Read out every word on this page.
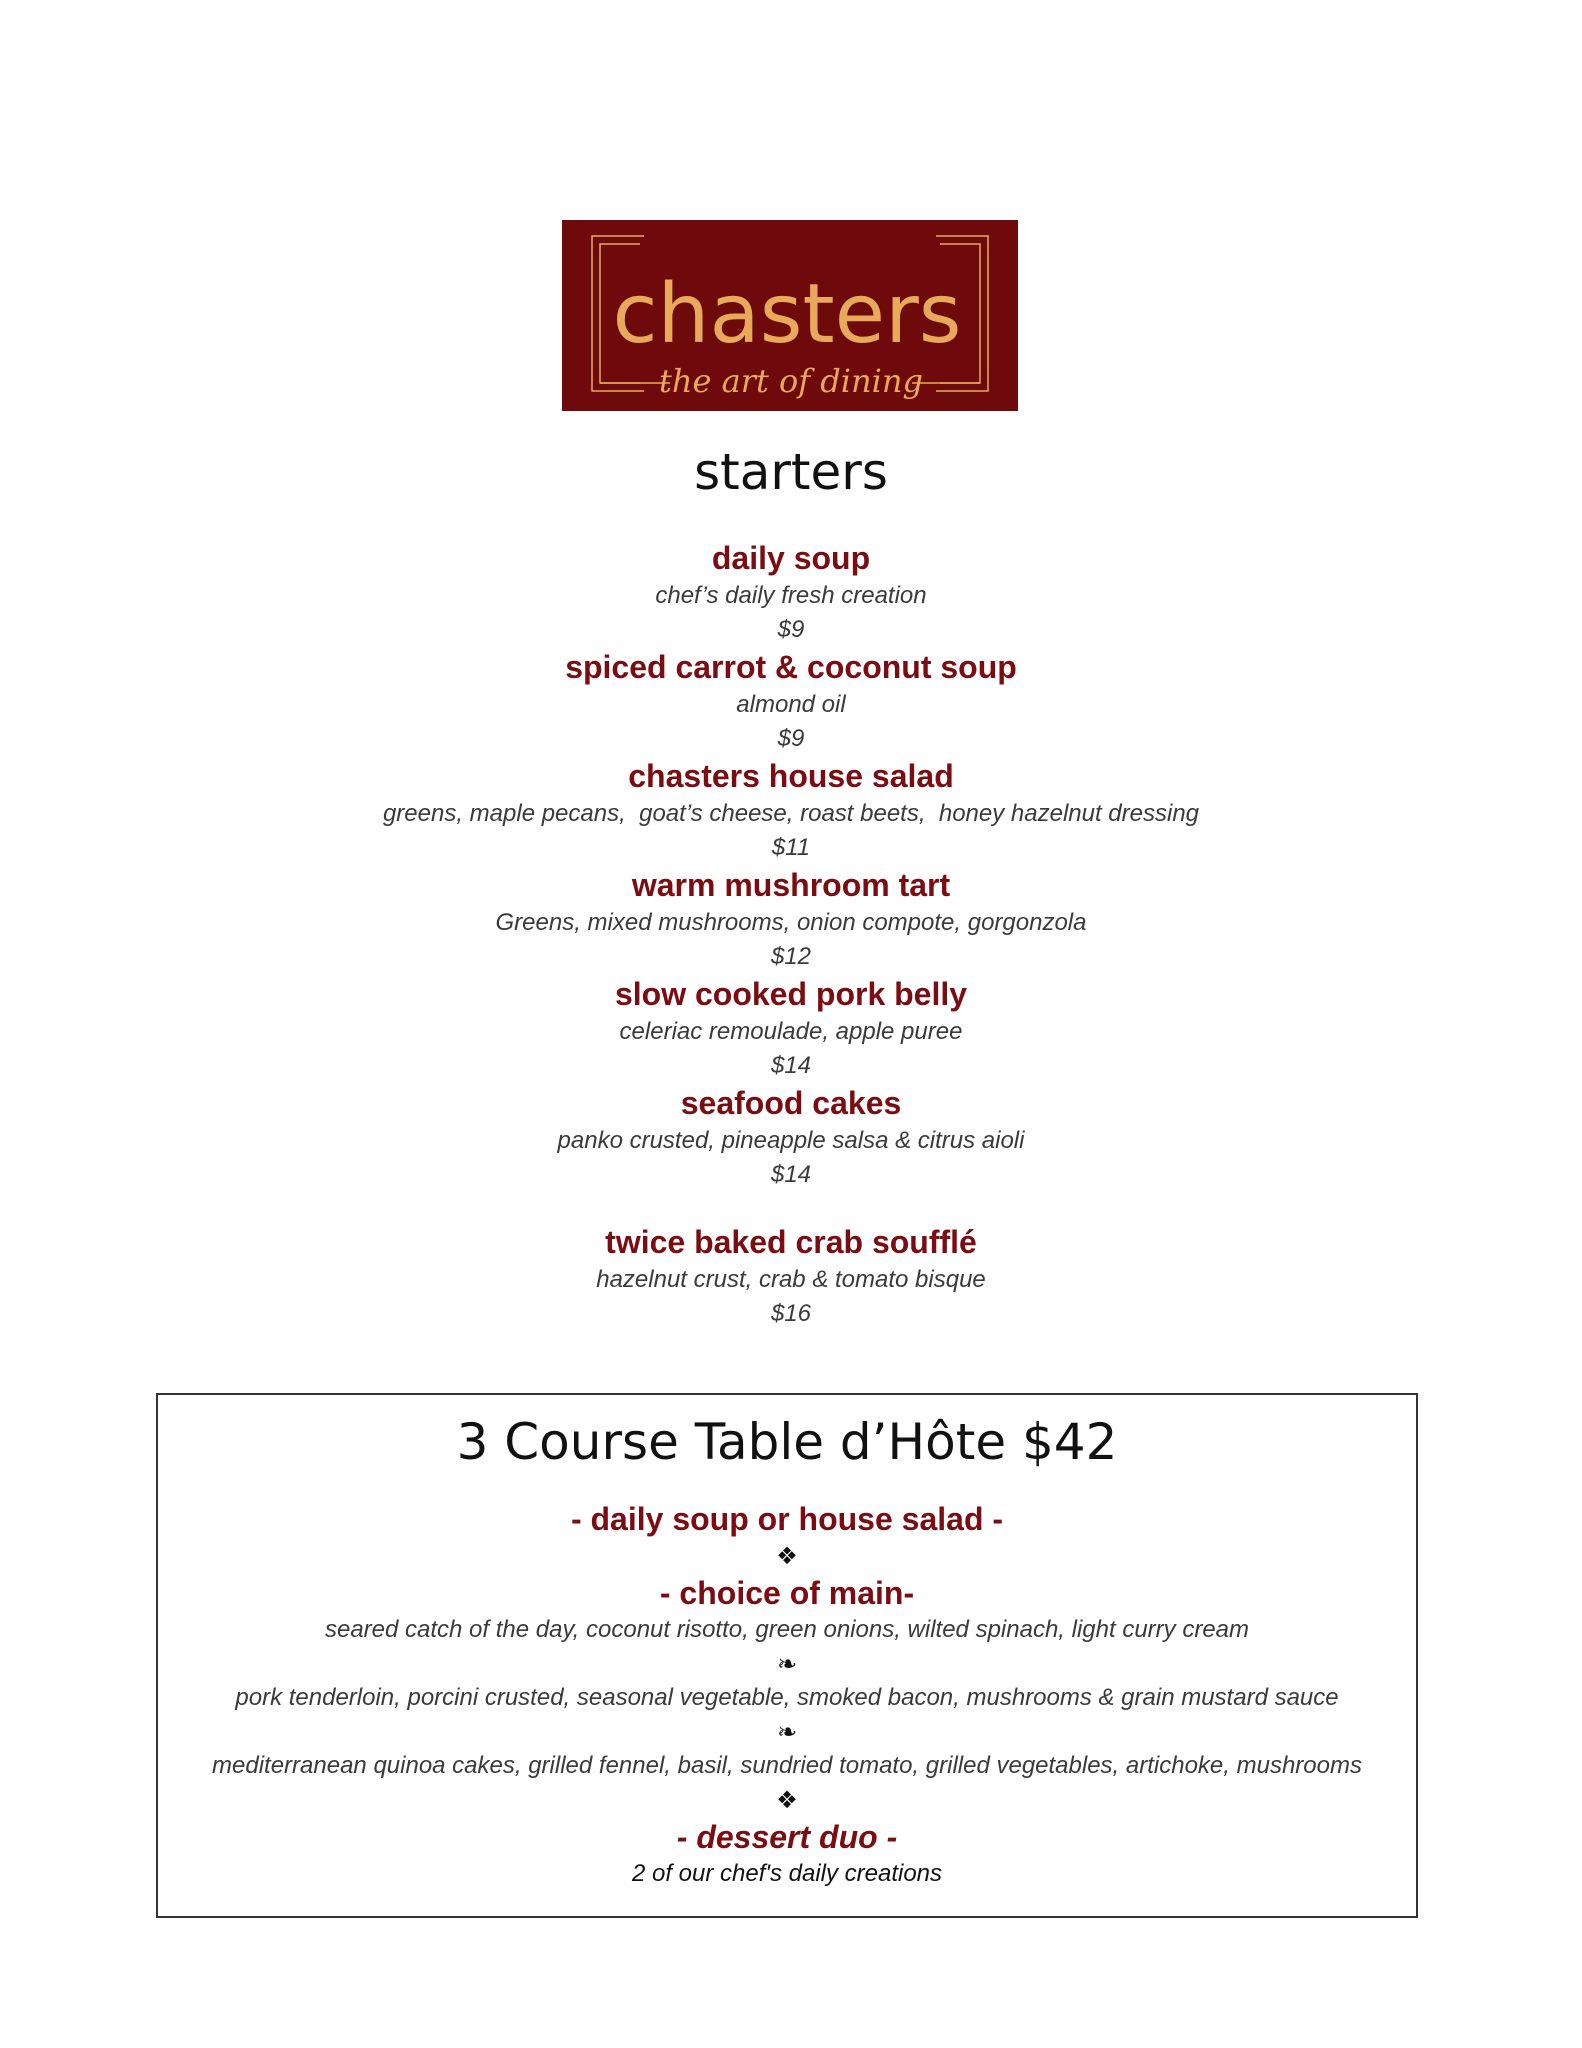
chasters
the art of dining
starters
daily soup
chef’s daily fresh creation
$9
spiced carrot & coconut soup
almond oil
$9
chasters house salad
greens, maple pecans,  goat’s cheese, roast beets,  honey hazelnut dressing
$11
warm mushroom tart
Greens, mixed mushrooms, onion compote, gorgonzola
$12
slow cooked pork belly
celeriac remoulade, apple puree
$14
seafood cakes
panko crusted, pineapple salsa & citrus aioli
$14
twice baked crab soufflé
hazelnut crust, crab & tomato bisque
$16
3 Course Table d’Hôte $42
- daily soup or house salad -
❖
- choice of main-
seared catch of the day, coconut risotto, green onions, wilted spinach, light curry cream
❧
pork tenderloin, porcini crusted, seasonal vegetable, smoked bacon, mushrooms & grain mustard sauce
❧
mediterranean quinoa cakes, grilled fennel, basil, sundried tomato, grilled vegetables, artichoke, mushrooms
❖
- dessert duo -
2 of our chef's daily creations
